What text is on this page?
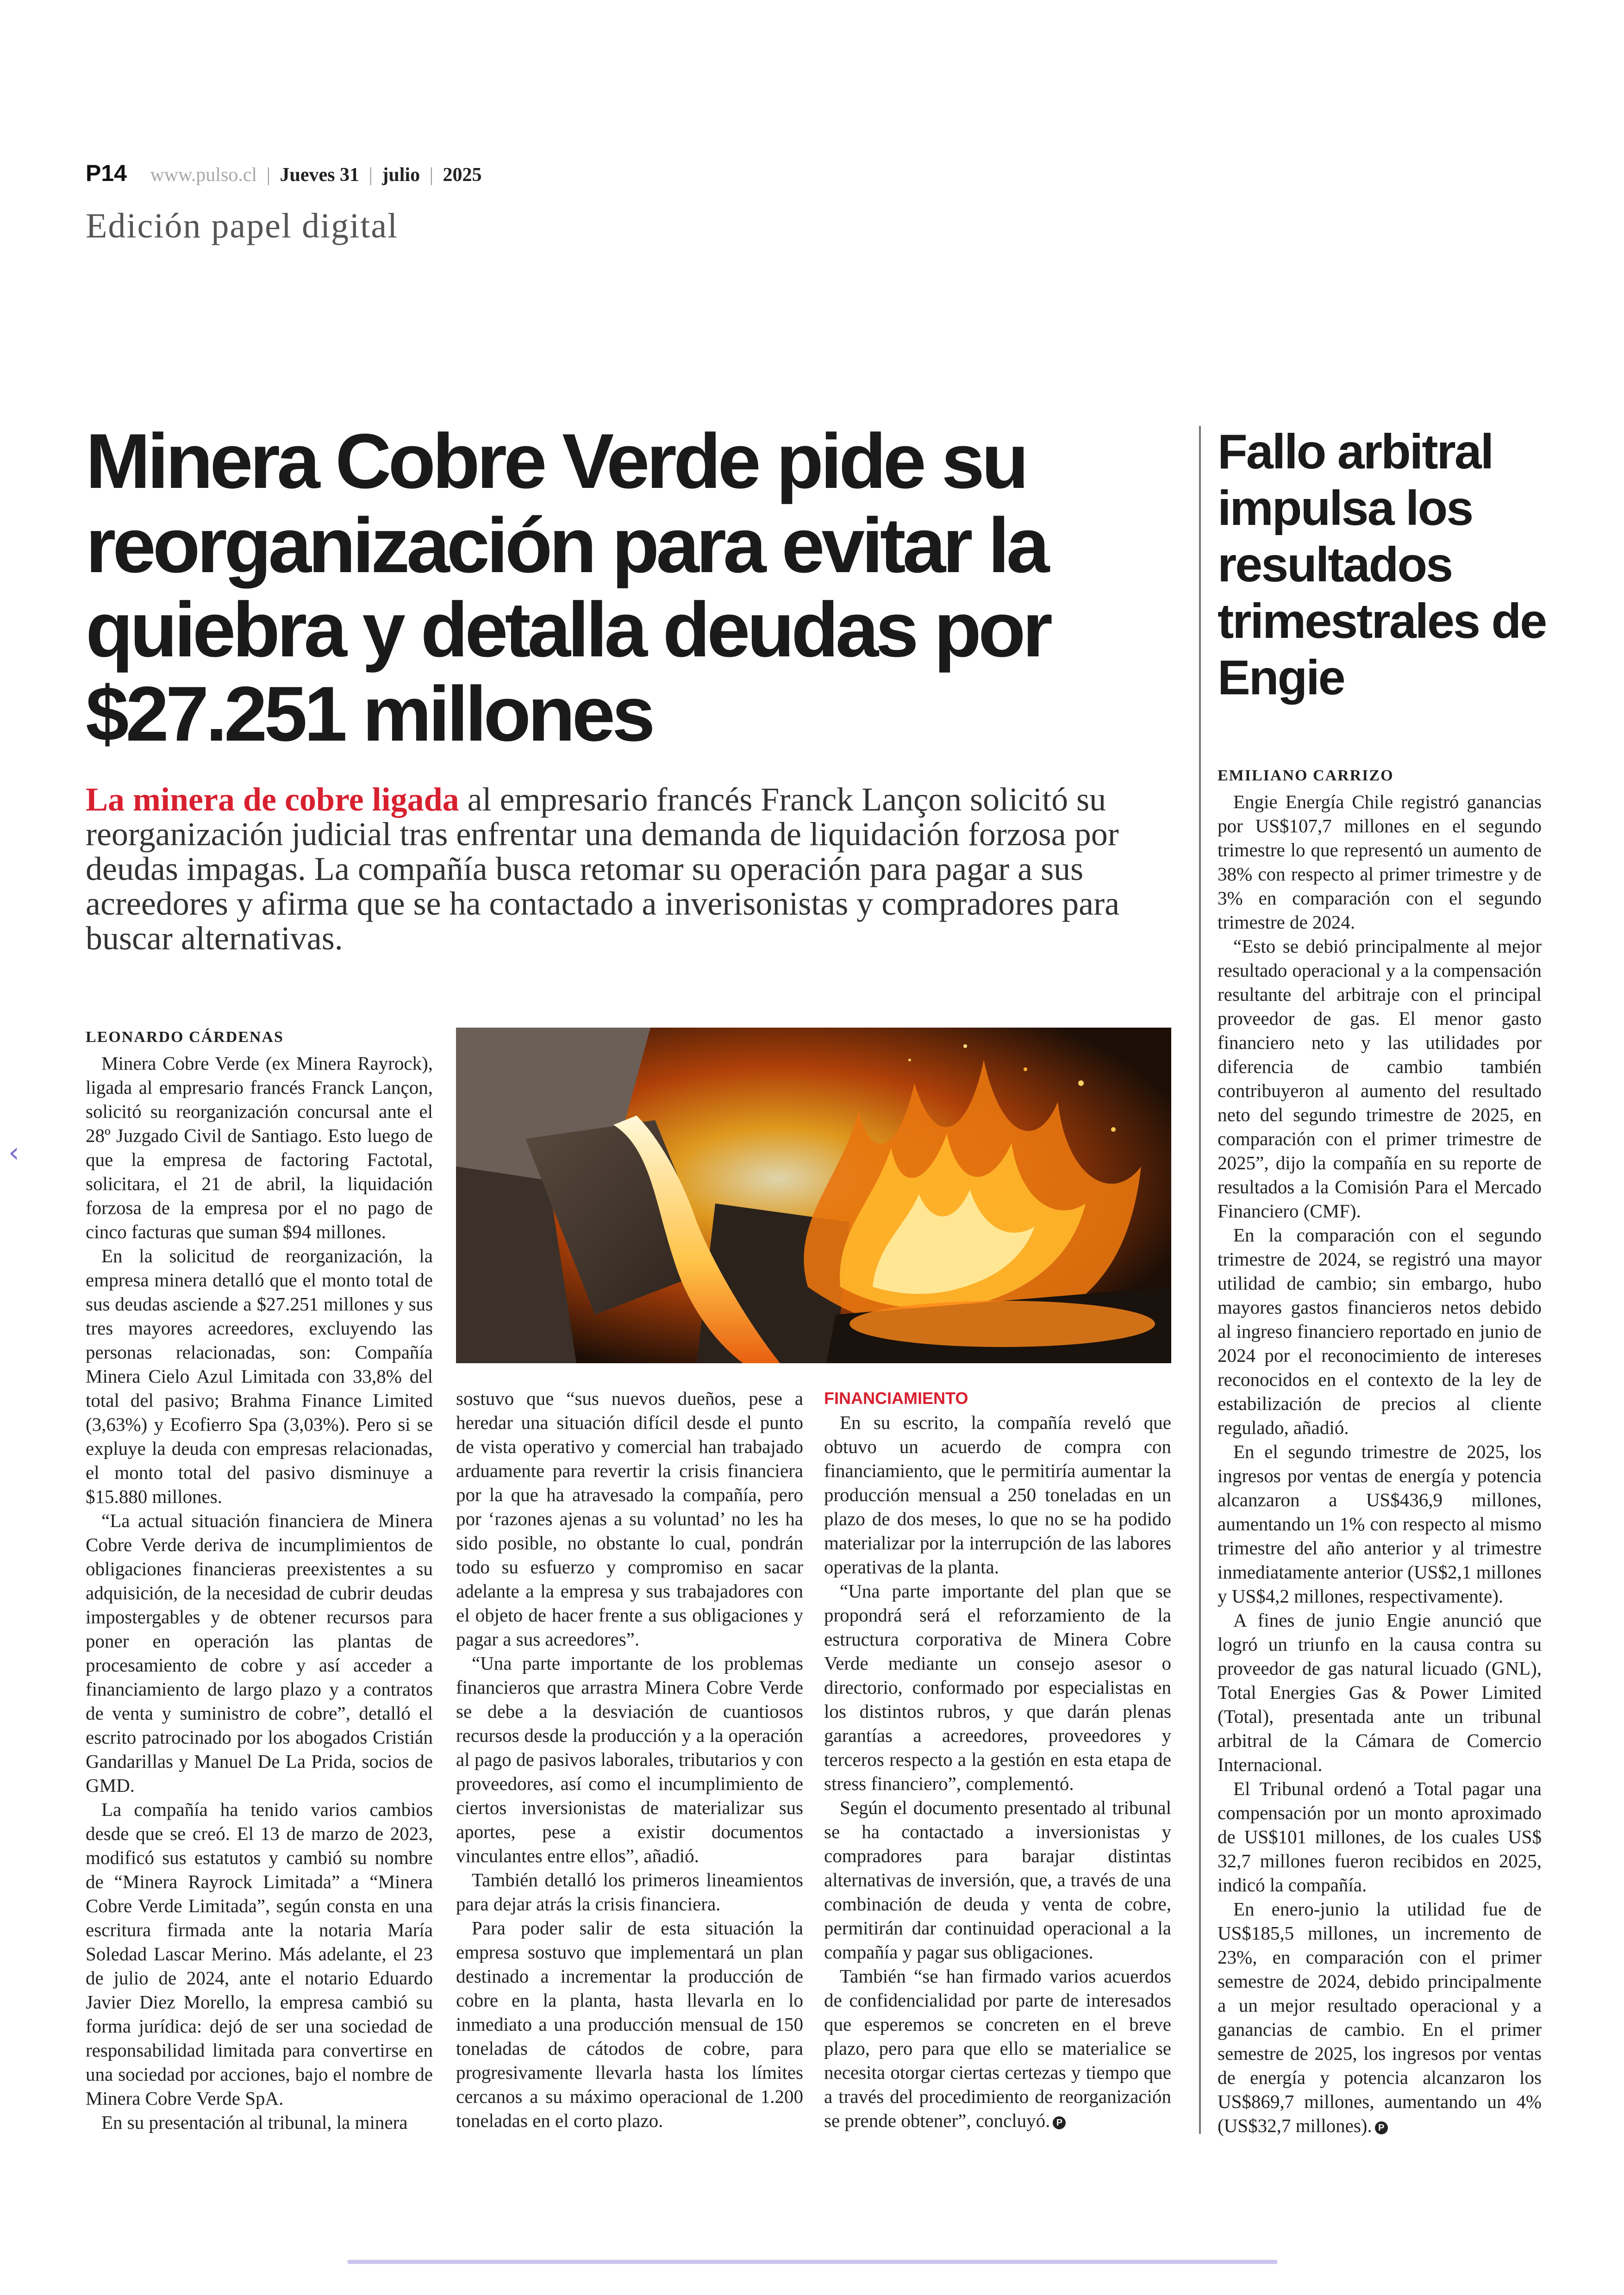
P14 www.pulso.cl | Jueves 31 | julio | 2025
Edición papel digital
Minera Cobre Verde pide su reorganización para evitar la quiebra y detalla deudas por $27.251 millones

La minera de cobre ligada al empresario francés Franck Lançon solicitó su reorganización judicial tras enfrentar una demanda de liquidación forzosa por deudas impagas. La compañía busca retomar su operación para pagar a sus acreedores y afirma que se ha contactado a inverisonistas y compradores para buscar alternativas.

LEONARDO CÁRDENAS

Minera Cobre Verde (ex Minera Rayrock), ligada al empresario francés Franck Lançon, solicitó su reorganización concursal ante el 28º Juzgado Civil de Santiago. Esto luego de que la empresa de factoring Factotal, solicitara, el 21 de abril, la liquidación forzosa de la empresa por el no pago de cinco facturas que suman $94 millones.

En la solicitud de reorganización, la empresa minera detalló que el monto total de sus deudas asciende a $27.251 millones y sus tres mayores acreedores, excluyendo las personas relacionadas, son: Compañía Minera Cielo Azul Limitada con 33,8% del total del pasivo; Brahma Finance Limited (3,63%) y Ecofierro Spa (3,03%). Pero si se expluye la deuda con empresas relacionadas, el monto total del pasivo disminuye a $15.880 millones.

“La actual situación financiera de Minera Cobre Verde deriva de incumplimientos de obligaciones financieras preexistentes a su adquisición, de la necesidad de cubrir deudas impostergables y de obtener recursos para poner en operación las plantas de procesamiento de cobre y así acceder a financiamiento de largo plazo y a contratos de venta y suministro de cobre”, detalló el escrito patrocinado por los abogados Cristián Gandarillas y Manuel De La Prida, socios de GMD.

La compañía ha tenido varios cambios desde que se creó. El 13 de marzo de 2023, modificó sus estatutos y cambió su nombre de “Minera Rayrock Limitada” a “Minera Cobre Verde Limitada”, según consta en una escritura firmada ante la notaria María Soledad Lascar Merino. Más adelante, el 23 de julio de 2024, ante el notario Eduardo Javier Diez Morello, la empresa cambió su forma jurídica: dejó de ser una sociedad de responsabilidad limitada para convertirse en una sociedad por acciones, bajo el nombre de Minera Cobre Verde SpA.

En su presentación al tribunal, la minera

sostuvo que “sus nuevos dueños, pese a heredar una situación difícil desde el punto de vista operativo y comercial han trabajado arduamente para revertir la crisis financiera por la que ha atravesado la compañía, pero por ‘razones ajenas a su voluntad’ no les ha sido posible, no obstante lo cual, pondrán todo su esfuerzo y compromiso en sacar adelante a la empresa y sus trabajadores con el objeto de hacer frente a sus obligaciones y pagar a sus acreedores”.

“Una parte importante de los problemas financieros que arrastra Minera Cobre Verde se debe a la desviación de cuantiosos recursos desde la producción y a la operación al pago de pasivos laborales, tributarios y con proveedores, así como el incumplimiento de ciertos inversionistas de materializar sus aportes, pese a existir documentos vinculantes entre ellos”, añadió.

También detalló los primeros lineamientos para dejar atrás la crisis financiera.

Para poder salir de esta situación la empresa sostuvo que implementará un plan destinado a incrementar la producción de cobre en la planta, hasta llevarla en lo inmediato a una producción mensual de 150 toneladas de cátodos de cobre, para progresivamente llevarla hasta los límites cercanos a su máximo operacional de 1.200 toneladas en el corto plazo.

FINANCIAMIENTO

En su escrito, la compañía reveló que obtuvo un acuerdo de compra con financiamiento, que le permitiría aumentar la producción mensual a 250 toneladas en un plazo de dos meses, lo que no se ha podido materializar por la interrupción de las labores operativas de la planta.

“Una parte importante del plan que se propondrá será el reforzamiento de la estructura corporativa de Minera Cobre Verde mediante un consejo asesor o directorio, conformado por especialistas en los distintos rubros, y que darán plenas garantías a acreedores, proveedores y terceros respecto a la gestión en esta etapa de stress financiero”, complementó.

Según el documento presentado al tribunal se ha contactado a inversionistas y compradores para barajar distintas alternativas de inversión, que, a través de una combinación de deuda y venta de cobre, permitirán dar continuidad operacional a la compañía y pagar sus obligaciones.

También “se han firmado varios acuerdos de confidencialidad por parte de interesados que esperemos se concreten en el breve plazo, pero para que ello se materialice se necesita otorgar ciertas certezas y tiempo que a través del procedimiento de reorganización se prende obtener”, concluyó. P

Fallo arbitral impulsa los resultados trimestrales de Engie
EMILIANO CARRIZO

Engie Energía Chile registró ganancias por US$107,7 millones en el segundo trimestre lo que representó un aumento de 38% con respecto al primer trimestre y de 3% en comparación con el segundo trimestre de 2024.

“Esto se debió principalmente al mejor resultado operacional y a la compensación resultante del arbitraje con el principal proveedor de gas. El menor gasto financiero neto y las utilidades por diferencia de cambio también contribuyeron al aumento del resultado neto del segundo trimestre de 2025, en comparación con el primer trimestre de 2025”, dijo la compañía en su reporte de resultados a la Comisión Para el Mercado Financiero (CMF).

En la comparación con el segundo trimestre de 2024, se registró una mayor utilidad de cambio; sin embargo, hubo mayores gastos financieros netos debido al ingreso financiero reportado en junio de 2024 por el reconocimiento de intereses reconocidos en el contexto de la ley de estabilización de precios al cliente regulado, añadió.

En el segundo trimestre de 2025, los ingresos por ventas de energía y potencia alcanzaron a US$436,9 millones, aumentando un 1% con respecto al mismo trimestre del año anterior y al trimestre inmediatamente anterior (US$2,1 millones y US$4,2 millones, respectivamente).

A fines de junio Engie anunció que logró un triunfo en la causa contra su proveedor de gas natural licuado (GNL), Total Energies Gas & Power Limited (Total), presentada ante un tribunal arbitral de la Cámara de Comercio Internacional.

El Tribunal ordenó a Total pagar una compensación por un monto aproximado de US$101 millones, de los cuales US$ 32,7 millones fueron recibidos en 2025, indicó la compañía.

En enero-junio la utilidad fue de US$185,5 millones, un incremento de 23%, en comparación con el primer semestre de 2024, debido principalmente a un mejor resultado operacional y a ganancias de cambio. En el primer semestre de 2025, los ingresos por ventas de energía y potencia alcanzaron los US$869,7 millones, aumentando un 4% (US$32,7 millones). P

‹
